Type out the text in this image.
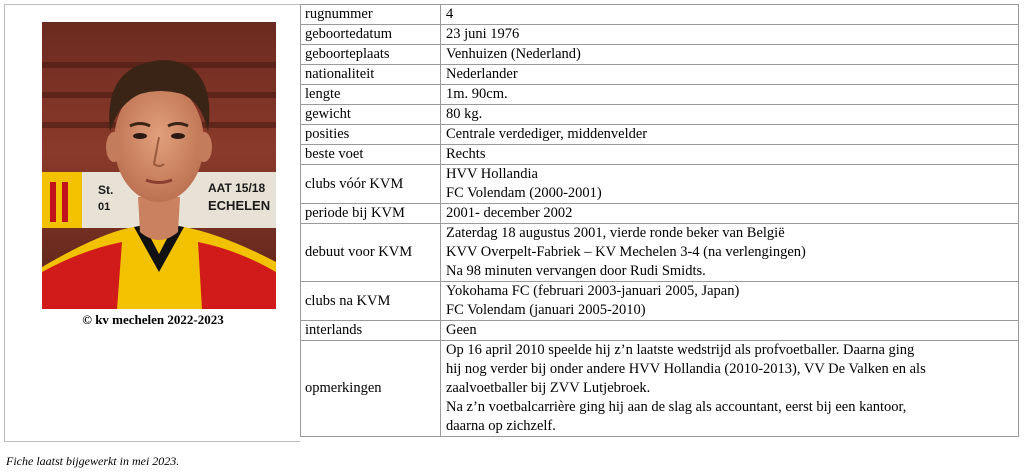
St.
01
AAT 15/18
ECHELEN
© kv mechelen 2022-2023
rugnummer	4

geboortedatum	23 juni 1976

geboorteplaats	Venhuizen (Nederland)

nationaliteit	Nederlander

lengte	1m. 90cm.

gewicht	80 kg.

posities	Centrale verdediger, middenvelder

beste voet	Rechts

clubs vóór KVM	HVV Hollandia
FC Volendam (2000-2001)

periode bij KVM	2001- december 2002

debuut voor KVM	Zaterdag 18 augustus 2001, vierde ronde beker van België
KVV Overpelt-Fabriek – KV Mechelen 3-4 (na verlengingen)
Na 98 minuten vervangen door Rudi Smidts.

clubs na KVM	Yokohama FC (februari 2003-januari 2005, Japan)
FC Volendam (januari 2005-2010)

interlands	Geen

opmerkingen	Op 16 april 2010 speelde hij z’n laatste wedstrijd als profvoetballer. Daarna ging
hij nog verder bij onder andere HVV Hollandia (2010-2013), VV De Valken en als
zaalvoetballer bij ZVV Lutjebroek.
Na z’n voetbalcarrière ging hij aan de slag als accountant, eerst bij een kantoor,
daarna op zichzelf.
Fiche laatst bijgewerkt in mei 2023.
